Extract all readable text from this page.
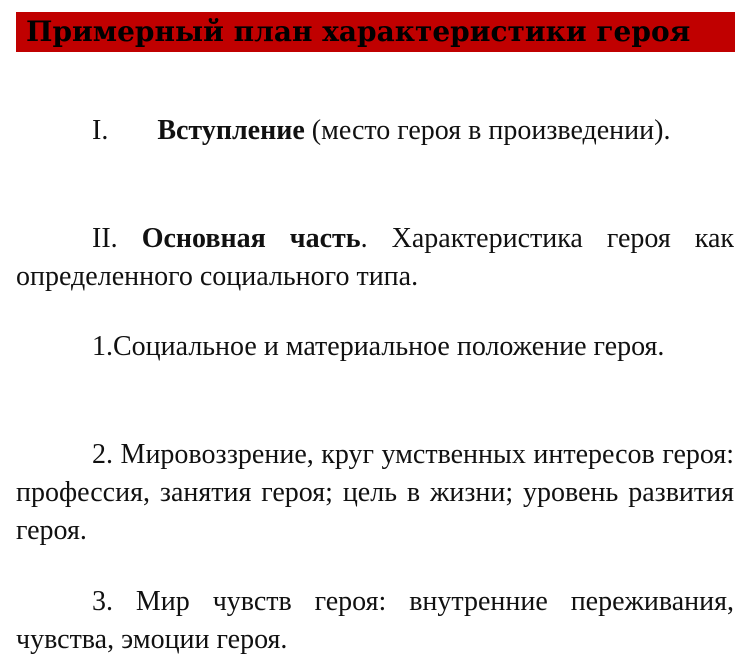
Примерный план характеристики героя

I. Вступление (место героя в произведении).

II. Основная часть. Характеристика героя как определенного социального типа.

1.Социальное и материальное положение героя.

2. Мировоззрение, круг умственных интересов героя: профессия, занятия героя; цель в жизни; уровень развития героя.

3. Мир чувств героя: внутренние переживания, чувства, эмоции героя.
